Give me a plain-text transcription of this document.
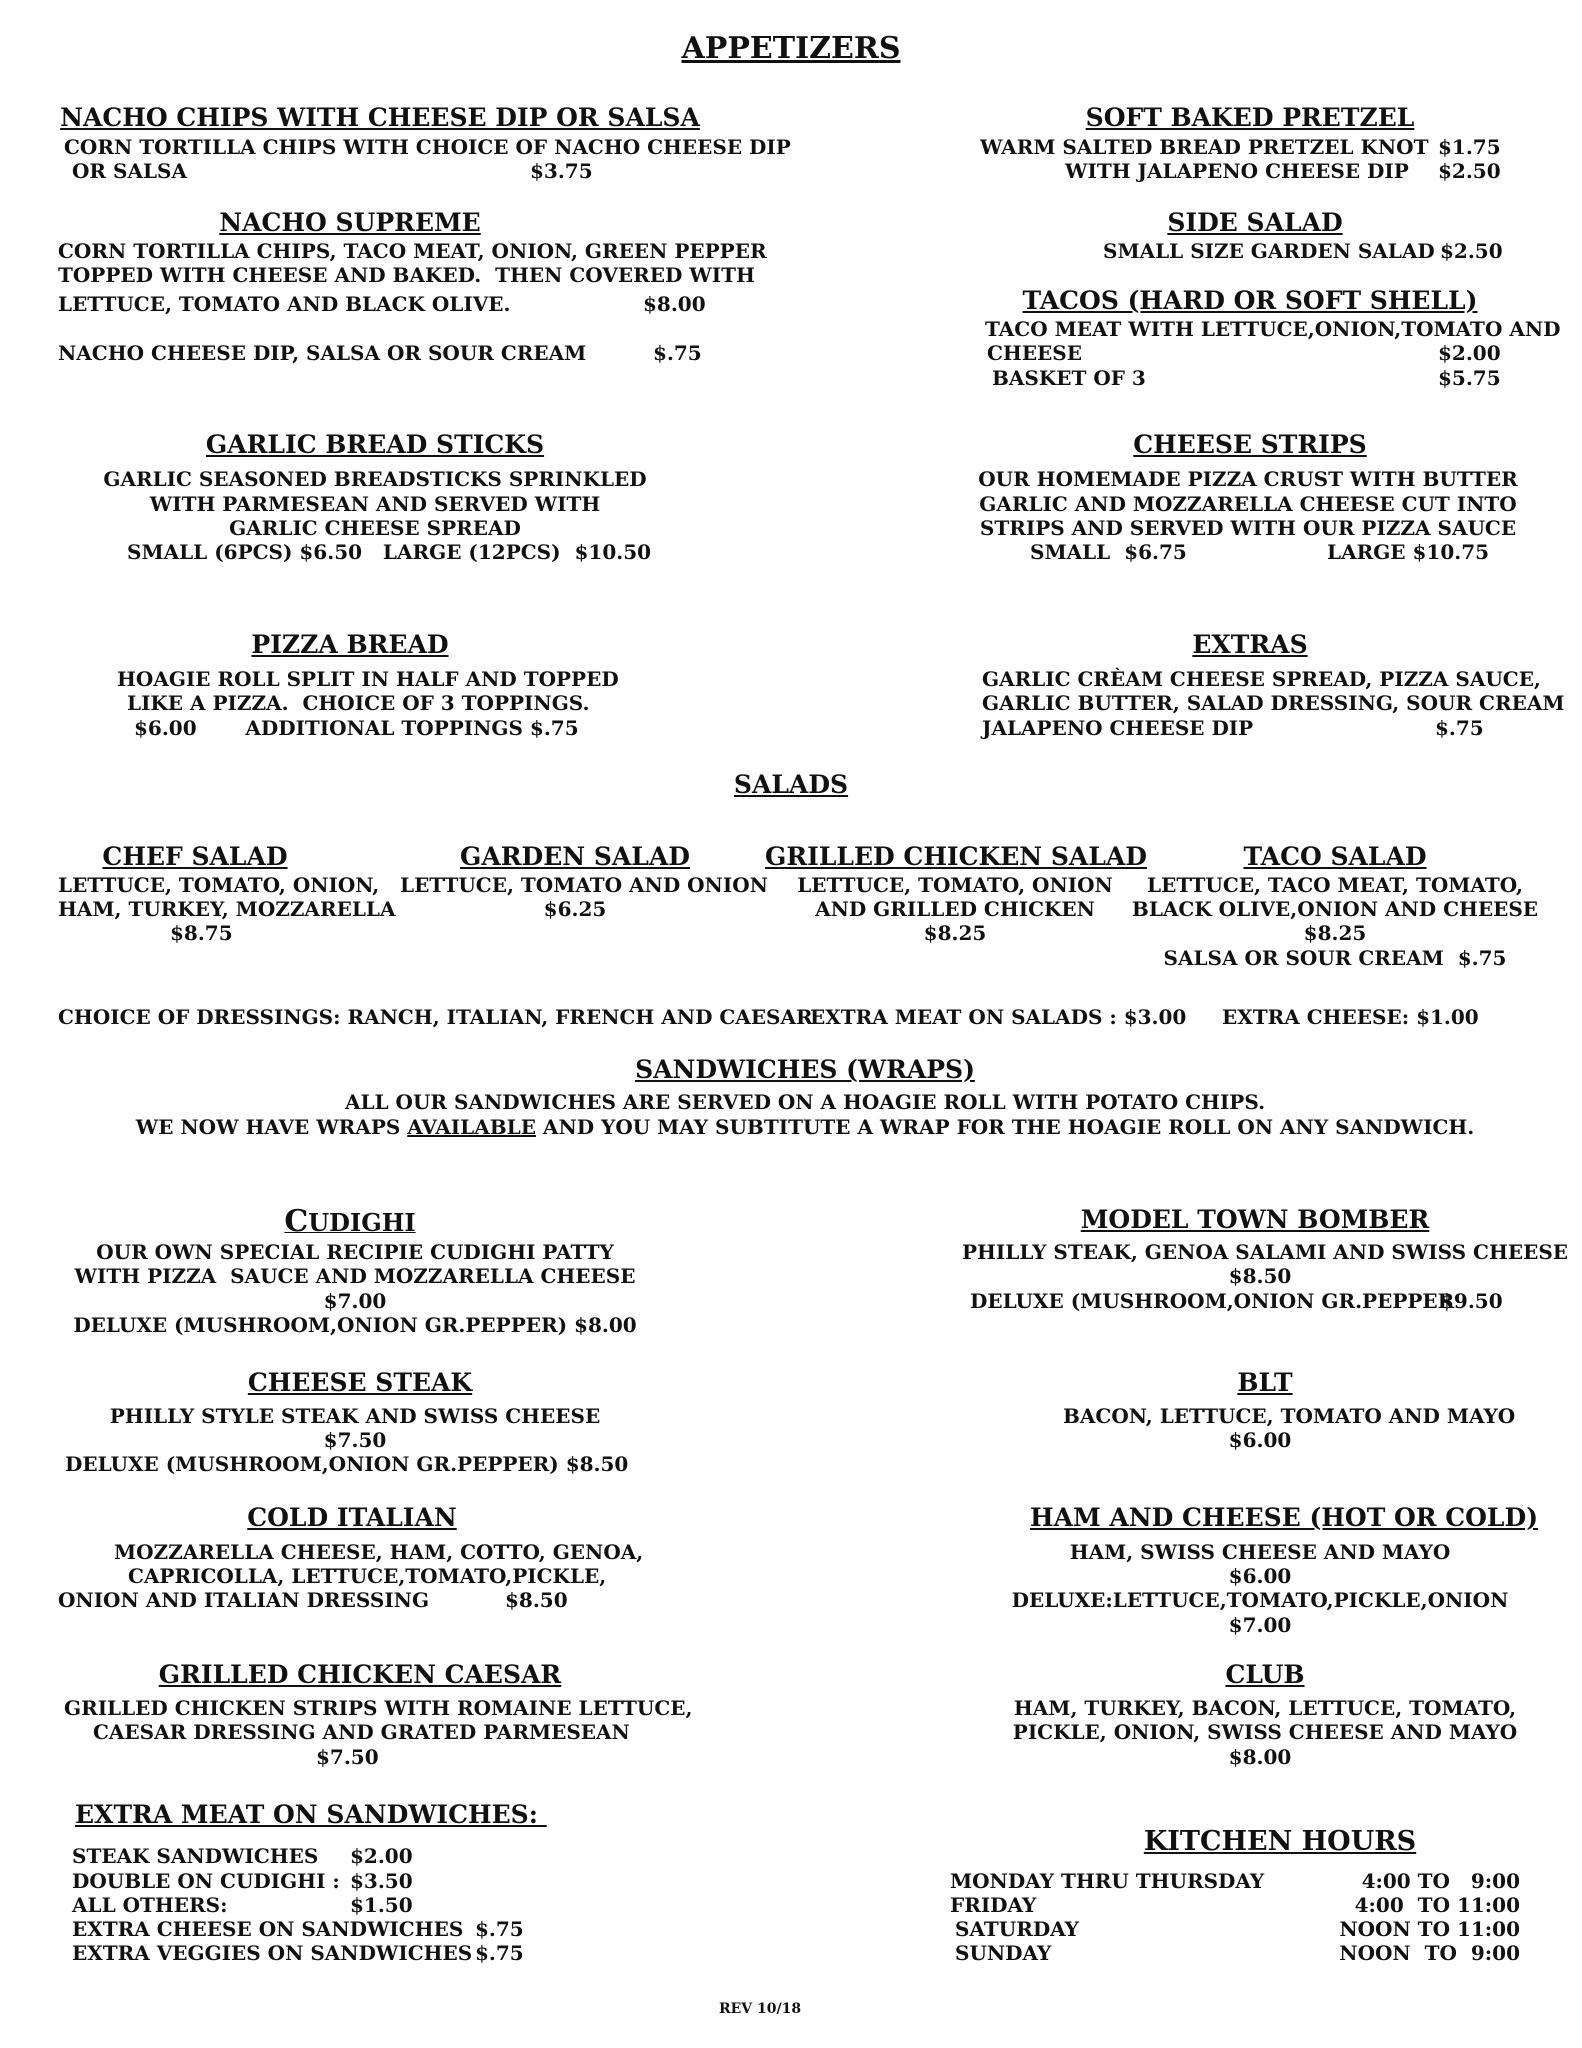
APPETIZERS
NACHO CHIPS WITH CHEESE DIP OR SALSA
CORN TORTILLA CHIPS WITH CHOICE OF NACHO CHEESE DIP
OR SALSA	$3.75
NACHO SUPREME
CORN TORTILLA CHIPS, TACO MEAT, ONION, GREEN PEPPER
TOPPED WITH CHEESE AND BAKED.  THEN COVERED WITH
LETTUCE, TOMATO AND BLACK OLIVE.	$8.00
NACHO CHEESE DIP, SALSA OR SOUR CREAM	$.75
GARLIC BREAD STICKS
GARLIC SEASONED BREADSTICKS SPRINKLED
WITH PARMESEAN AND SERVED WITH
GARLIC CHEESE SPREAD
SMALL (6PCS) $6.50   LARGE (12PCS)  $10.50
PIZZA BREAD
HOAGIE ROLL SPLIT IN HALF AND TOPPED
LIKE A PIZZA.  CHOICE OF 3 TOPPINGS.
$6.00       ADDITIONAL TOPPINGS $.75
SOFT BAKED PRETZEL
WARM SALTED BREAD PRETZEL KNOT $1.75
WITH JALAPENO CHEESE DIP $2.50
SIDE SALAD
SMALL SIZE GARDEN SALAD $2.50
TACOS (HARD OR SOFT SHELL)
TACO MEAT WITH LETTUCE,ONION,TOMATO AND
CHEESE	$2.00
BASKET OF 3	$5.75
CHEESE STRIPS
OUR HOMEMADE PIZZA CRUST WITH BUTTER
GARLIC AND MOZZARELLA CHEESE CUT INTO
STRIPS AND SERVED WITH OUR PIZZA SAUCE
SMALL  $6.75	LARGE $10.75
EXTRAS
GARLIC CRÈAM CHEESE SPREAD, PIZZA SAUCE,
GARLIC BUTTER, SALAD DRESSING, SOUR CREAM
JALAPENO CHEESE DIP	$.75
SALADS
CHEF SALAD
LETTUCE, TOMATO, ONION,
HAM, TURKEY, MOZZARELLA
$8.75
GARDEN SALAD
LETTUCE, TOMATO AND ONION
$6.25
GRILLED CHICKEN SALAD
LETTUCE, TOMATO, ONION
AND GRILLED CHICKEN
$8.25
TACO SALAD
LETTUCE, TACO MEAT, TOMATO,
BLACK OLIVE,ONION AND CHEESE
$8.25
SALSA OR SOUR CREAM  $.75
CHOICE OF DRESSINGS: RANCH, ITALIAN, FRENCH AND CAESAR
EXTRA MEAT ON SALADS : $3.00 EXTRA CHEESE: $1.00
SANDWICHES (WRAPS)
ALL OUR SANDWICHES ARE SERVED ON A HOAGIE ROLL WITH POTATO CHIPS.
WE NOW HAVE WRAPS AVAILABLE AND YOU MAY SUBTITUTE A WRAP FOR THE HOAGIE ROLL ON ANY SANDWICH.
CUDIGHI
OUR OWN SPECIAL RECIPIE CUDIGHI PATTY
WITH PIZZA  SAUCE AND MOZZARELLA CHEESE
$7.00
DELUXE (MUSHROOM,ONION GR.PEPPER) $8.00
CHEESE STEAK
PHILLY STYLE STEAK AND SWISS CHEESE
$7.50
DELUXE (MUSHROOM,ONION GR.PEPPER) $8.50
COLD ITALIAN
MOZZARELLA CHEESE, HAM, COTTO, GENOA,
CAPRICOLLA, LETTUCE,TOMATO,PICKLE,
ONION AND ITALIAN DRESSING	$8.50
GRILLED CHICKEN CAESAR
GRILLED CHICKEN STRIPS WITH ROMAINE LETTUCE,
CAESAR DRESSING AND GRATED PARMESEAN
$7.50
MODEL TOWN BOMBER
PHILLY STEAK, GENOA SALAMI AND SWISS CHEESE
$8.50
DELUXE (MUSHROOM,ONION GR.PEPPER
$9.50
BLT
BACON, LETTUCE, TOMATO AND MAYO
$6.00
HAM AND CHEESE (HOT OR COLD)
HAM, SWISS CHEESE AND MAYO
$6.00
DELUXE:LETTUCE,TOMATO,PICKLE,ONION
$7.00
CLUB
HAM, TURKEY, BACON, LETTUCE, TOMATO,
PICKLE, ONION, SWISS CHEESE AND MAYO
$8.00
EXTRA MEAT ON SANDWICHES:
STEAK SANDWICHES $2.00
DOUBLE ON CUDIGHI : $3.50
ALL OTHERS:	$1.50
EXTRA CHEESE ON SANDWICHES $.75
EXTRA VEGGIES ON SANDWICHES $.75
KITCHEN HOURS
MONDAY THRU THURSDAY	4:00 TO   9:00
FRIDAY	4:00  TO 11:00
SATURDAY	NOON TO 11:00
SUNDAY	NOON  TO  9:00
REV 10/18
